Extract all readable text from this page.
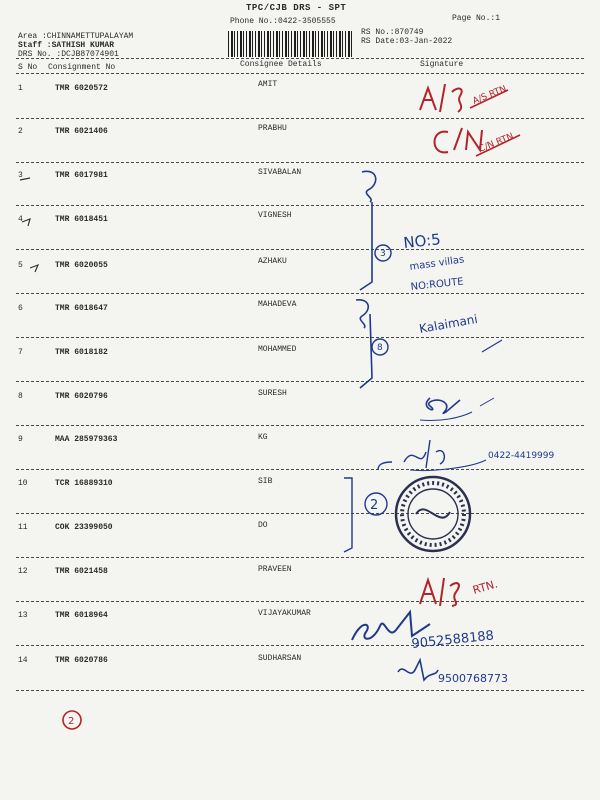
TPC/CJB DRS - SPT
Phone No.:0422-3505555	Page No.:1
RS No.:870749
RS Date:03-Jan-2022
Area :CHINNAMETTUPALAYAM
Staff :SATHISH KUMAR
DRS No. :DCJB87074901
S No Consignment No	Consignee Details	Signature
1	TMR 6020572	AMIT
2	TMR 6021406	PRABHU
3	TMR 6017981	SIVABALAN
4	TMR 6018451	VIGNESH
5	TMR 6020055	AZHAKU
6	TMR 6018647	MAHADEVA
7	TMR 6018182	MOHAMMED
8	TMR 6020796	SURESH
9	MAA 285979363	KG
10	TCR 16889310	SIB
11	COK 23399050	DO
12	TMR 6021458	PRAVEEN
13	TMR 6018964	VIJAYAKUMAR
14	TMR 6020786	SUDHARSAN
A/S RTN
C/N RTN
3
NO:5
mass villas
NO:ROUTE
8
Kalaimani
0422-4419999
2
RTN.
9052588188
9500768773
2
